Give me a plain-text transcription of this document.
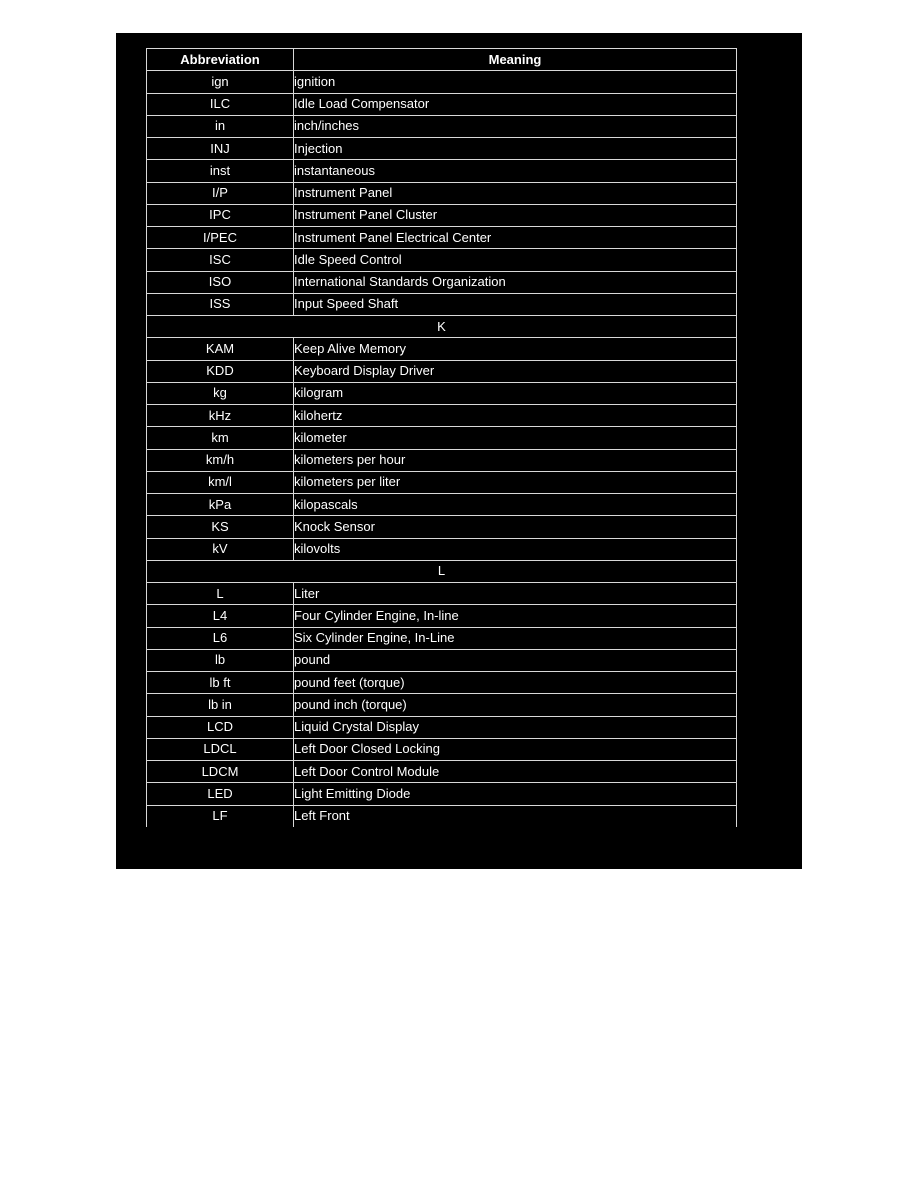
Abbreviation	Meaning
ign	ignition
ILC	Idle Load Compensator
in	inch/inches
INJ	Injection
inst	instantaneous
I/P	Instrument Panel
IPC	Instrument Panel Cluster
I/PEC	Instrument Panel Electrical Center
ISC	Idle Speed Control
ISO	International Standards Organization
ISS	Input Speed Shaft
K	
KAM	Keep Alive Memory
KDD	Keyboard Display Driver
kg	kilogram
kHz	kilohertz
km	kilometer
km/h	kilometers per hour
km/l	kilometers per liter
kPa	kilopascals
KS	Knock Sensor
kV	kilovolts
L	
L	Liter
L4	Four Cylinder Engine, In-line
L6	Six Cylinder Engine, In-Line
lb	pound
lb ft	pound feet (torque)
lb in	pound inch (torque)
LCD	Liquid Crystal Display
LDCL	Left Door Closed Locking
LDCM	Left Door Control Module
LED	Light Emitting Diode
LF	Left Front
